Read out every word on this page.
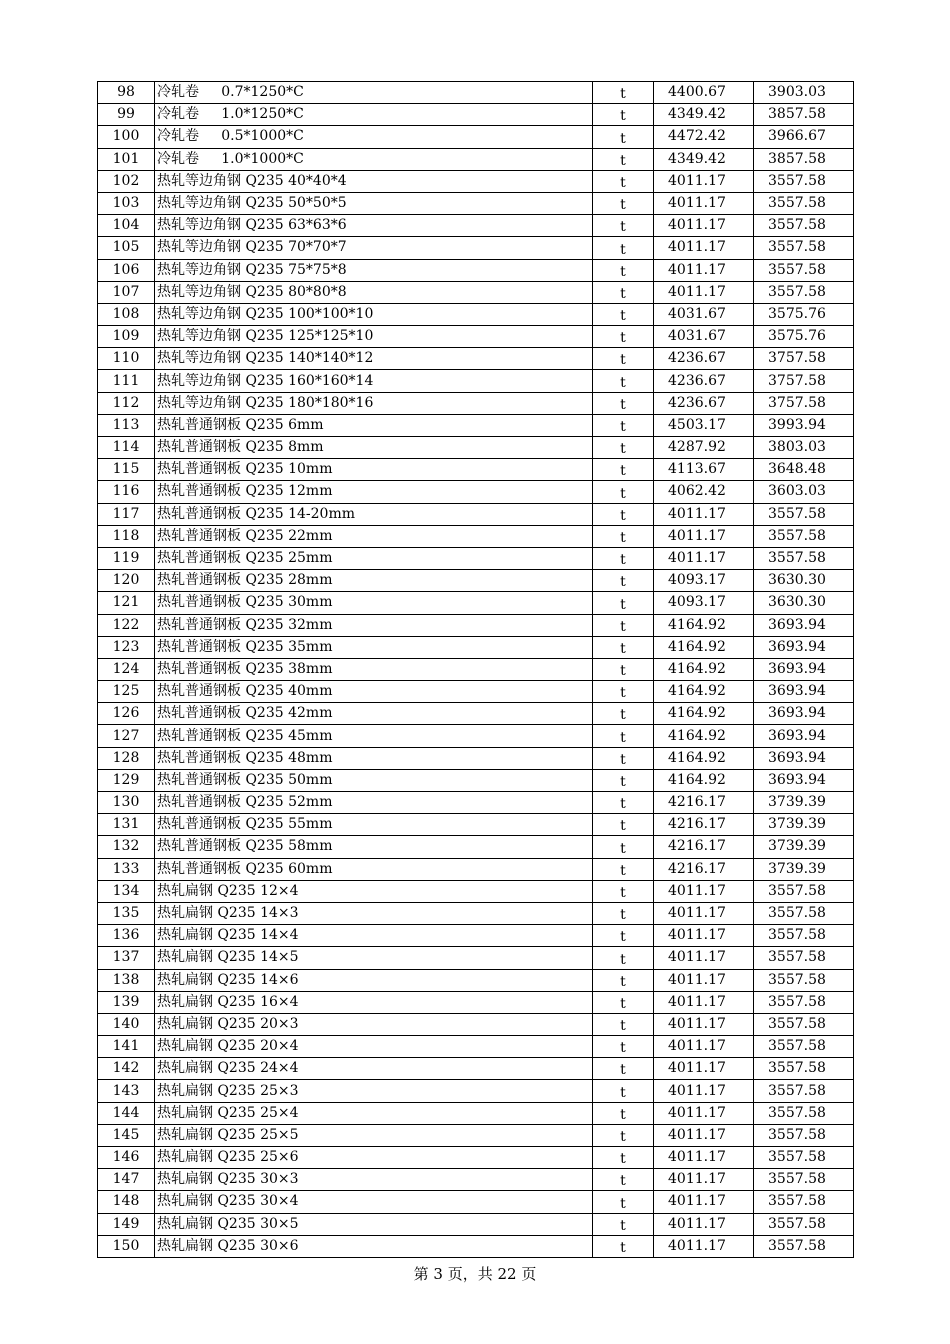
98	冷轧卷     0.7*1250*C	t	4400.67	3903.03
99	冷轧卷     1.0*1250*C	t	4349.42	3857.58
100	冷轧卷     0.5*1000*C	t	4472.42	3966.67
101	冷轧卷     1.0*1000*C	t	4349.42	3857.58
102	热轧等边角钢 Q235 40*40*4	t	4011.17	3557.58
103	热轧等边角钢 Q235 50*50*5	t	4011.17	3557.58
104	热轧等边角钢 Q235 63*63*6	t	4011.17	3557.58
105	热轧等边角钢 Q235 70*70*7	t	4011.17	3557.58
106	热轧等边角钢 Q235 75*75*8	t	4011.17	3557.58
107	热轧等边角钢 Q235 80*80*8	t	4011.17	3557.58
108	热轧等边角钢 Q235 100*100*10	t	4031.67	3575.76
109	热轧等边角钢 Q235 125*125*10	t	4031.67	3575.76
110	热轧等边角钢 Q235 140*140*12	t	4236.67	3757.58
111	热轧等边角钢 Q235 160*160*14	t	4236.67	3757.58
112	热轧等边角钢 Q235 180*180*16	t	4236.67	3757.58
113	热轧普通钢板 Q235 6mm	t	4503.17	3993.94
114	热轧普通钢板 Q235 8mm	t	4287.92	3803.03
115	热轧普通钢板 Q235 10mm	t	4113.67	3648.48
116	热轧普通钢板 Q235 12mm	t	4062.42	3603.03
117	热轧普通钢板 Q235 14-20mm	t	4011.17	3557.58
118	热轧普通钢板 Q235 22mm	t	4011.17	3557.58
119	热轧普通钢板 Q235 25mm	t	4011.17	3557.58
120	热轧普通钢板 Q235 28mm	t	4093.17	3630.30
121	热轧普通钢板 Q235 30mm	t	4093.17	3630.30
122	热轧普通钢板 Q235 32mm	t	4164.92	3693.94
123	热轧普通钢板 Q235 35mm	t	4164.92	3693.94
124	热轧普通钢板 Q235 38mm	t	4164.92	3693.94
125	热轧普通钢板 Q235 40mm	t	4164.92	3693.94
126	热轧普通钢板 Q235 42mm	t	4164.92	3693.94
127	热轧普通钢板 Q235 45mm	t	4164.92	3693.94
128	热轧普通钢板 Q235 48mm	t	4164.92	3693.94
129	热轧普通钢板 Q235 50mm	t	4164.92	3693.94
130	热轧普通钢板 Q235 52mm	t	4216.17	3739.39
131	热轧普通钢板 Q235 55mm	t	4216.17	3739.39
132	热轧普通钢板 Q235 58mm	t	4216.17	3739.39
133	热轧普通钢板 Q235 60mm	t	4216.17	3739.39
134	热轧扁钢 Q235 12×4	t	4011.17	3557.58
135	热轧扁钢 Q235 14×3	t	4011.17	3557.58
136	热轧扁钢 Q235 14×4	t	4011.17	3557.58
137	热轧扁钢 Q235 14×5	t	4011.17	3557.58
138	热轧扁钢 Q235 14×6	t	4011.17	3557.58
139	热轧扁钢 Q235 16×4	t	4011.17	3557.58
140	热轧扁钢 Q235 20×3	t	4011.17	3557.58
141	热轧扁钢 Q235 20×4	t	4011.17	3557.58
142	热轧扁钢 Q235 24×4	t	4011.17	3557.58
143	热轧扁钢 Q235 25×3	t	4011.17	3557.58
144	热轧扁钢 Q235 25×4	t	4011.17	3557.58
145	热轧扁钢 Q235 25×5	t	4011.17	3557.58
146	热轧扁钢 Q235 25×6	t	4011.17	3557.58
147	热轧扁钢 Q235 30×3	t	4011.17	3557.58
148	热轧扁钢 Q235 30×4	t	4011.17	3557.58
149	热轧扁钢 Q235 30×5	t	4011.17	3557.58
150	热轧扁钢 Q235 30×6	t	4011.17	3557.58
第 3 页，共 22 页
